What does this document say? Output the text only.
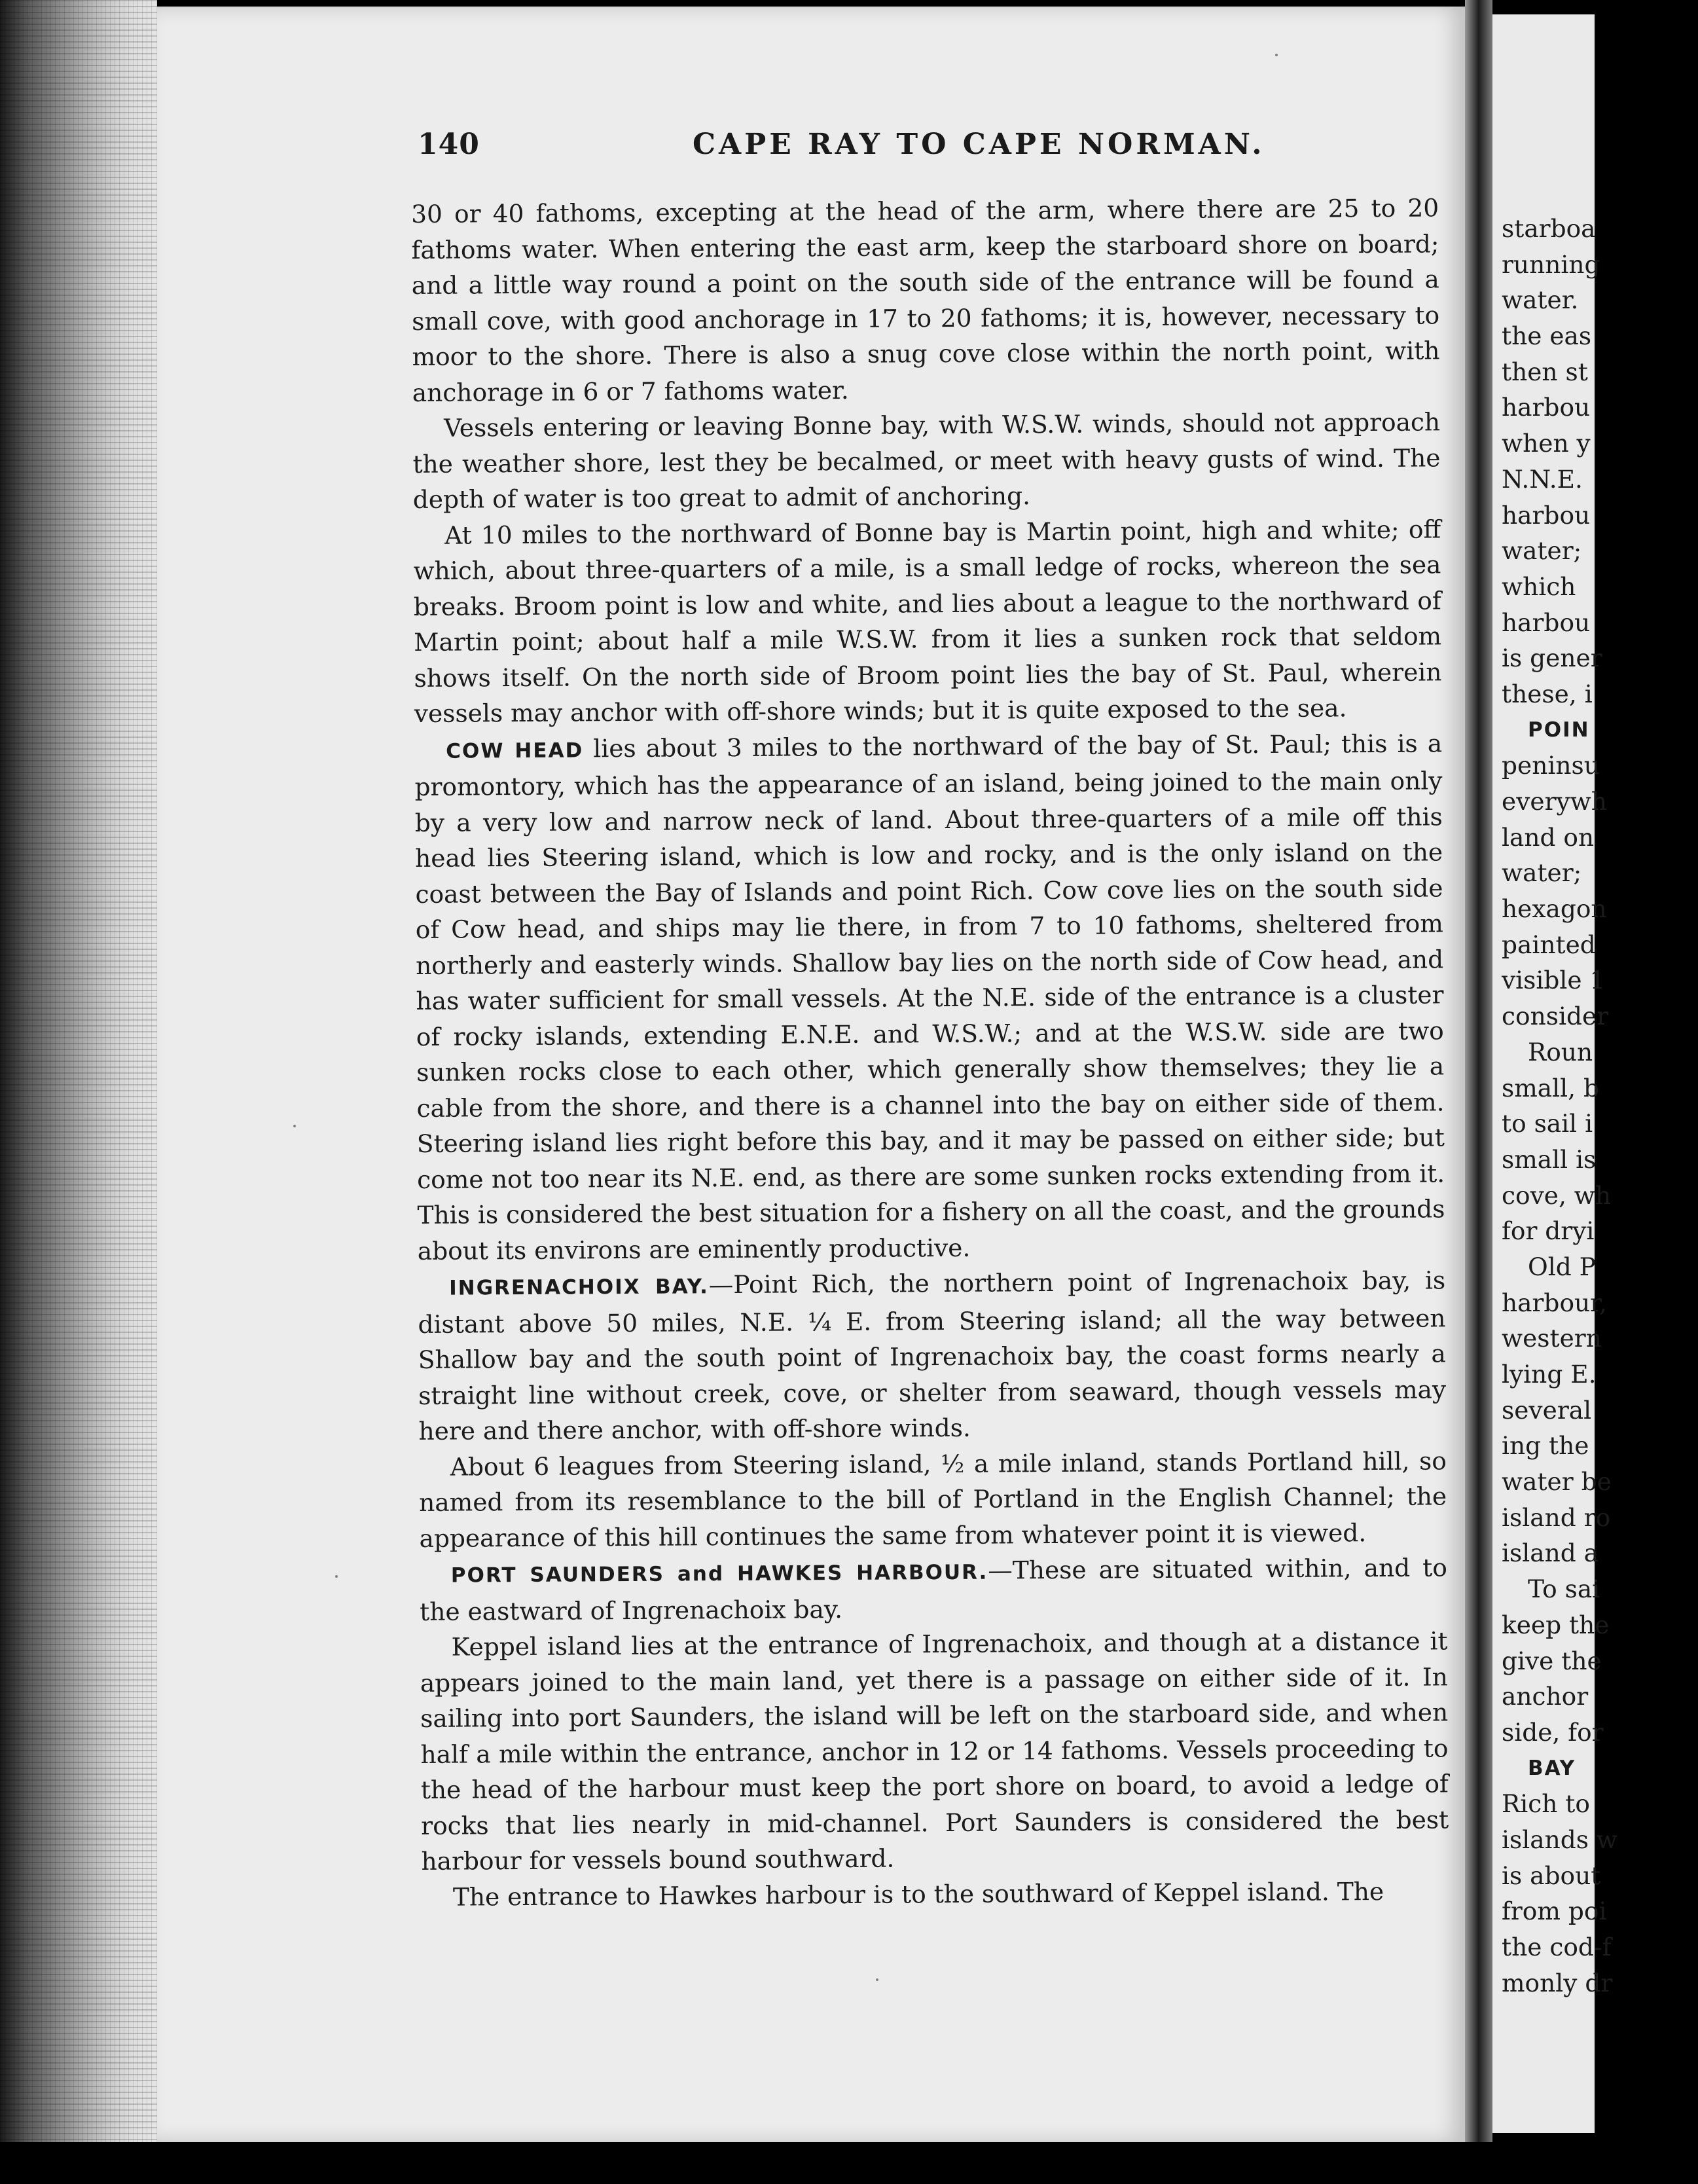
starboa
running
water.
the eas
then st
harbou
when y
N.N.E.
harbou
water;
which
harbou
is gener
these, i
POIN
peninsu
everywh
land on
water;
hexagon
painted
visible 1
consider
Roun
small, b
to sail i
small is
cove, wh
for dryi
Old P
harbour,
western
lying E.
several
ing the
water be
island ro
island a
To sai
keep the
give the
anchor
side, for
BAY
Rich to
islands w
is about
from poi
the cod-f
monly dr
140	CAPE RAY TO CAPE NORMAN.

30 or 40 fathoms, excepting at the head of the arm, where there are 25 to 20 fathoms water. When entering the east arm, keep the starboard shore on board; and a little way round a point on the south side of the entrance will be found a small cove, with good anchorage in 17 to 20 fathoms; it is, however, necessary to moor to the shore. There is also a snug cove close within the north point, with anchorage in 6 or 7 fathoms water.

Vessels entering or leaving Bonne bay, with W.S.W. winds, should not approach the weather shore, lest they be becalmed, or meet with heavy gusts of wind. The depth of water is too great to admit of anchoring.

At 10 miles to the northward of Bonne bay is Martin point, high and white; off which, about three-quarters of a mile, is a small ledge of rocks, whereon the sea breaks. Broom point is low and white, and lies about a league to the northward of Martin point; about half a mile W.S.W. from it lies a sunken rock that seldom shows itself. On the north side of Broom point lies the bay of St. Paul, wherein vessels may anchor with off-shore winds; but it is quite exposed to the sea.

COW HEAD lies about 3 miles to the northward of the bay of St. Paul; this is a promontory, which has the appearance of an island, being joined to the main only by a very low and narrow neck of land. About three-quarters of a mile off this head lies Steering island, which is low and rocky, and is the only island on the coast between the Bay of Islands and point Rich. Cow cove lies on the south side of Cow head, and ships may lie there, in from 7 to 10 fathoms, sheltered from northerly and easterly winds. Shallow bay lies on the north side of Cow head, and has water sufficient for small vessels. At the N.E. side of the entrance is a cluster of rocky islands, extending E.N.E. and W.S.W.; and at the W.S.W. side are two sunken rocks close to each other, which generally show themselves; they lie a cable from the shore, and there is a channel into the bay on either side of them. Steering island lies right before this bay, and it may be passed on either side; but come not too near its N.E. end, as there are some sunken rocks extending from it. This is considered the best situation for a fishery on all the coast, and the grounds about its environs are eminently productive.

INGRENACHOIX BAY.—Point Rich, the northern point of Ingrenachoix bay, is distant above 50 miles, N.E. ¼ E. from Steering island; all the way between Shallow bay and the south point of Ingrenachoix bay, the coast forms nearly a straight line without creek, cove, or shelter from seaward, though vessels may here and there anchor, with off-shore winds.

About 6 leagues from Steering island, ½ a mile inland, stands Portland hill, so named from its resemblance to the bill of Portland in the English Channel; the appearance of this hill continues the same from whatever point it is viewed.

PORT SAUNDERS and HAWKES HARBOUR.—These are situated within, and to the eastward of Ingrenachoix bay.

Keppel island lies at the entrance of Ingrenachoix, and though at a distance it appears joined to the main land, yet there is a passage on either side of it. In sailing into port Saunders, the island will be left on the starboard side, and when half a mile within the entrance, anchor in 12 or 14 fathoms. Vessels proceeding to the head of the harbour must keep the port shore on board, to avoid a ledge of rocks that lies nearly in mid-channel. Port Saunders is considered the best harbour for vessels bound southward.

The entrance to Hawkes harbour is to the southward of Keppel island. The
